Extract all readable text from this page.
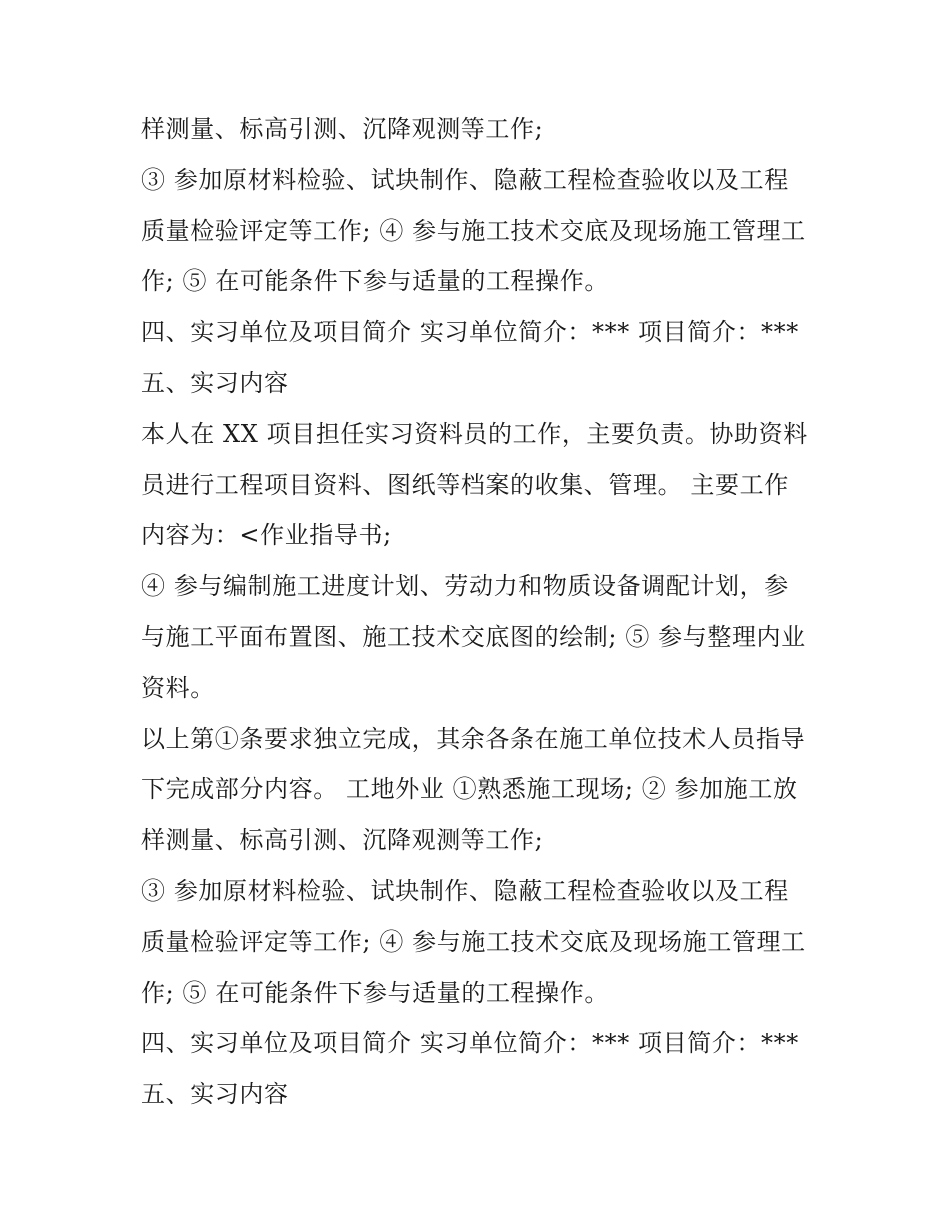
样测量、标高引测、沉降观测等工作;
③ 参加原材料检验、试块制作、隐蔽工程检查验收以及工程
质量检验评定等工作; ④ 参与施工技术交底及现场施工管理工
作; ⑤ 在可能条件下参与适量的工程操作。
四、实习单位及项目简介 实习单位简介：*** 项目简介：***
五、实习内容
本人在 XX 项目担任实习资料员的工作，主要负责。协助资料
员进行工程项目资料、图纸等档案的收集、管理。 主要工作
内容为：<作业指导书;
④ 参与编制施工进度计划、劳动力和物质设备调配计划，参
与施工平面布置图、施工技术交底图的绘制; ⑤ 参与整理内业
资料。
以上第①条要求独立完成，其余各条在施工单位技术人员指导
下完成部分内容。 工地外业 ①熟悉施工现场; ② 参加施工放
样测量、标高引测、沉降观测等工作;
③ 参加原材料检验、试块制作、隐蔽工程检查验收以及工程
质量检验评定等工作; ④ 参与施工技术交底及现场施工管理工
作; ⑤ 在可能条件下参与适量的工程操作。
四、实习单位及项目简介 实习单位简介：*** 项目简介：***
五、实习内容
